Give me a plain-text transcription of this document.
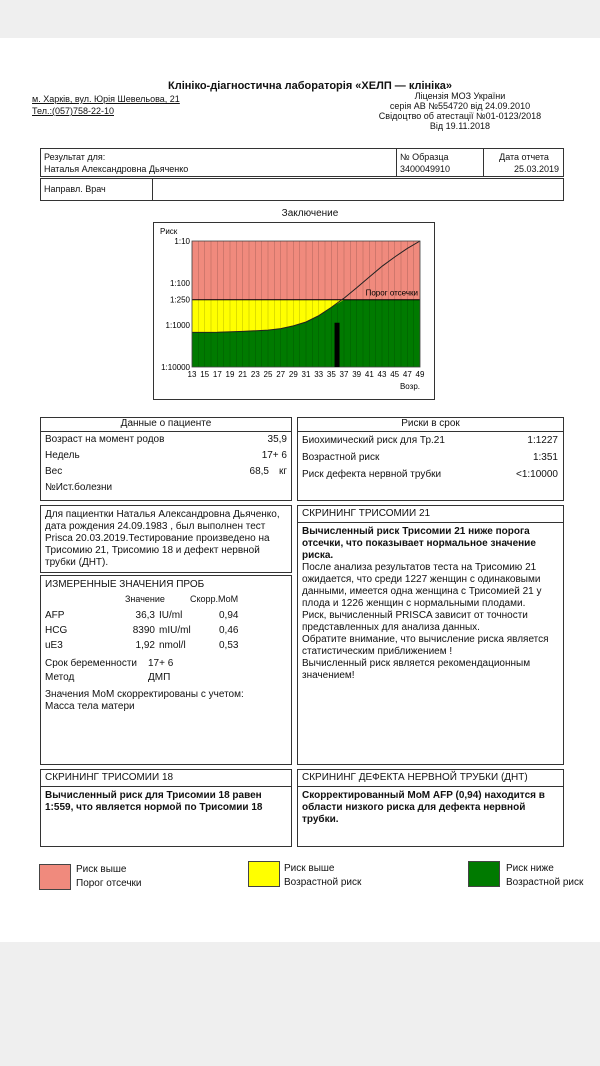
Клініко-діагностична лабораторія «ХЕЛП — клініка»
м. Харків, вул. Юрія Шевельова, 21
Тел.:(057)758-22-10
Ліцензія МОЗ України
серія АВ №554720 від 24.09.2010
Свідоцтво об атестації №01-0123/2018
Від 19.11.2018
Результат для:
Наталья Александровна Дьяченко
№ Образца
3400049910
Дата отчета
25.03.2019
Направл. Врач
Заключение
Порог отсечки
1:10
1:100
1:250
1:1000
1:10000
13 15 17 19 21 23 25 27 29 31 33 35 37 39 41 43 45 47 49
Риск
Возр.
Данные о пациенте
Возраст на момент родов	35,9
Недель	17+ 6
Вес	68,5 кг
№Ист.болезни
Риски в срок
Биохимический риск для Тр.21	1:1227
Возрастной риск	1:351
Риск дефекта нервной трубки	<1:10000
Для пациентки Наталья Александровна Дьяченко, дата рождения 24.09.1983 , был выполнен тест Prisca 20.03.2019.Тестирование произведено на Трисомию 21, Трисомию 18 и дефект нервной трубки (ДНТ).
ИЗМЕРЕННЫЕ ЗНАЧЕНИЯ ПРОБ
Значение	Скорр.МоМ
AFP	36,3 IU/ml	0,94
HCG	8390 mIU/ml	0,46
uE3	1,92 nmol/l	0,53
Срок беременности 17+ 6
Метод	ДМП
Значения МоМ скорректированы с учетом:
Масса тела матери
СКРИНИНГ ТРИСОМИИ 21
Вычисленный риск Трисомии 21 ниже порога отсечки, что показывает нормальное значение риска.
После анализа результатов теста на Трисомию 21 ожидается, что среди 1227 женщин с одинаковыми данными, имеется одна женщина с Трисомией 21 у плода и 1226 женщин с нормальными плодами.
Риск, вычисленный PRISCA зависит от точности представленных для анализа данных.
Обратите внимание, что вычисление риска является статистическим приближением !
Вычисленный риск является рекомендационным значением!
СКРИНИНГ ТРИСОМИИ 18
Вычисленный риск для Трисомии 18 равен 1:559, что является нормой по Трисомии 18
СКРИНИНГ ДЕФЕКТА НЕРВНОЙ ТРУБКИ (ДНТ)
Скорректированный МоМ AFP (0,94) находится в области низкого риска для дефекта нервной трубки.
Риск выше
Порог отсечки
Риск выше
Возрастной риск
Риск ниже
Возрастной риск
